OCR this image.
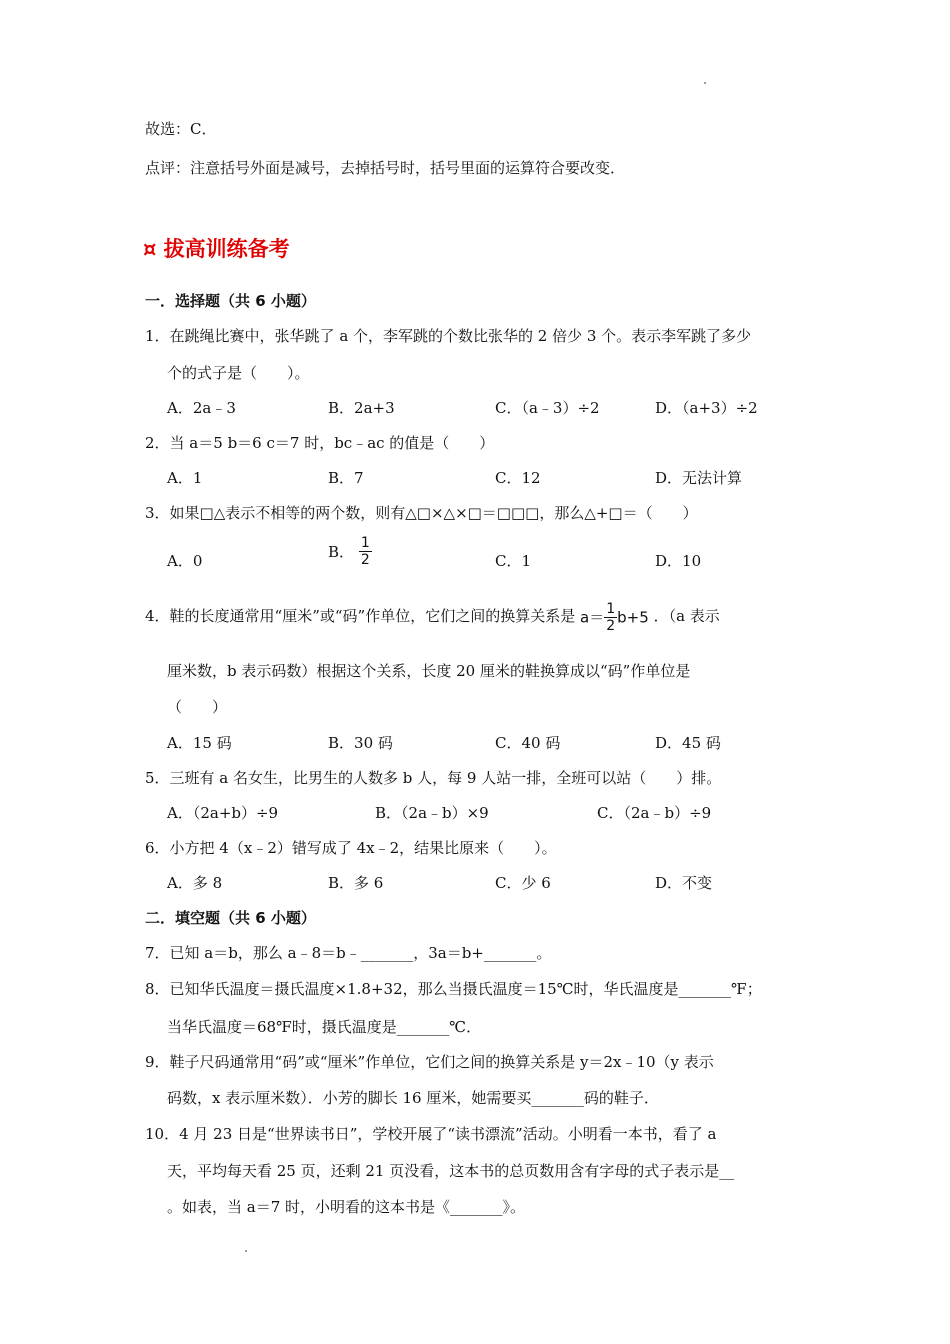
故选：C．
点评：注意括号外面是减号，去掉括号时，括号里面的运算符合要改变．
¤ 拔高训练备考
一．选择题（共 6 小题）
1．在跳绳比赛中，张华跳了 a 个，李军跳的个数比张华的 2 倍少 3 个。表示李军跳了多少
个的式子是（　　）。
A．2a﹣3	B．2a+3	C．（a﹣3）÷2	D．（a+3）÷2
2．当 a＝5 b＝6 c＝7 时，bc﹣ac 的值是（　　）
A．1	B．7	C．12	D．无法计算
3．如果□△表示不相等的两个数，则有△□×△×□＝□□□，那么△+□＝（　　）
A．0	B． $\frac{1}{2}$	C．1	D．10
4．鞋的长度通常用“厘米”或“码”作单位，它们之间的换算关系是 $a= \frac{1}{2} b+5$ ．（a 表示
厘米数，b 表示码数）根据这个关系，长度 20 厘米的鞋换算成以“码”作单位是
（　　）
A．15 码	B．30 码	C．40 码	D．45 码
5．三班有 a 名女生，比男生的人数多 b 人，每 9 人站一排，全班可以站（　　）排。
A．（2a+b）÷9	B．（2a﹣b）×9	C．（2a﹣b）÷9
6．小方把 4（x﹣2）错写成了 4x﹣2，结果比原来（　　）。
A．多 8	B．多 6	C．少 6	D．不变
二．填空题（共 6 小题）
7．已知 a＝b，那么 a﹣8＝b﹣_______，3a＝b+_______。
8．已知华氏温度＝摄氏温度×1.8+32，那么当摄氏温度＝15℃时，华氏温度是_______℉；
当华氏温度＝68℉时，摄氏温度是_______℃．
9．鞋子尺码通常用“码”或“厘米”作单位，它们之间的换算关系是 y＝2x﹣10（y 表示
码数，x 表示厘米数）．小芳的脚长 16 厘米，她需要买_______码的鞋子．
10．4 月 23 日是“世界读书日”，学校开展了“读书漂流”活动。小明看一本书，看了 a
天，平均每天看 25 页，还剩 21 页没看，这本书的总页数用含有字母的式子表示是__
。如表，当 a＝7 时，小明看的这本书是《_______》。
